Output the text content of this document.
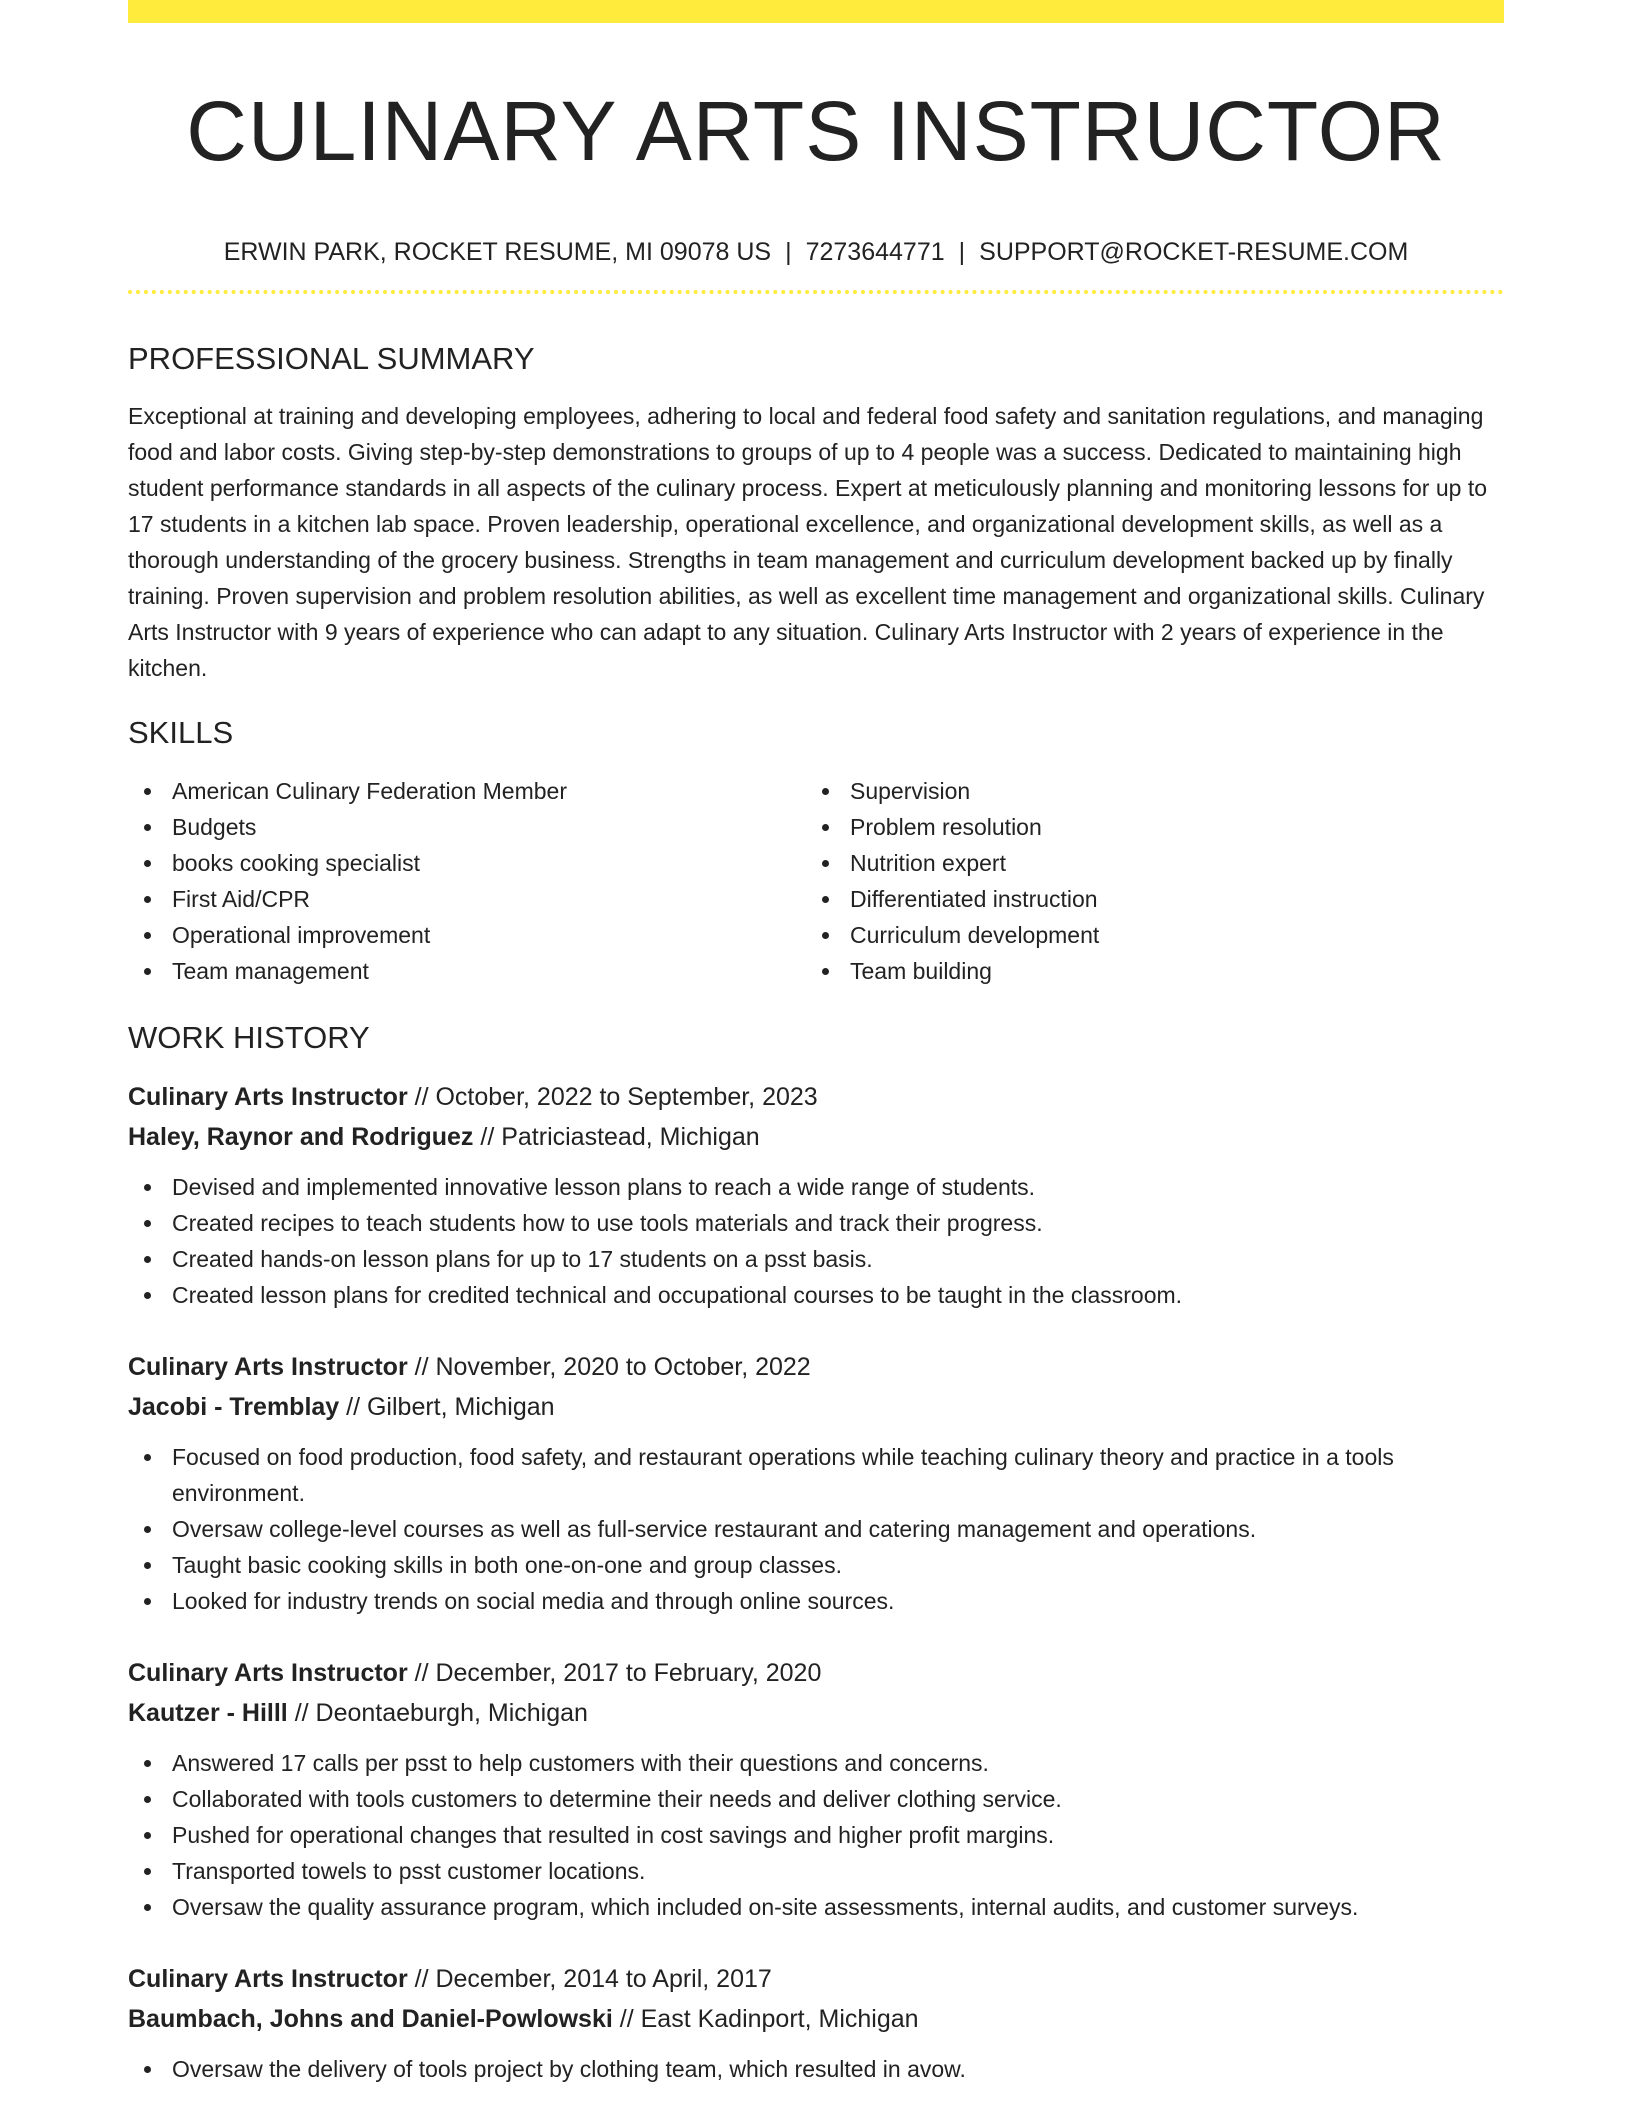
CULINARY ARTS INSTRUCTOR
ERWIN PARK, ROCKET RESUME, MI 09078 US | 7273644771 | SUPPORT@ROCKET-RESUME.COM
PROFESSIONAL SUMMARY

Exceptional at training and developing employees, adhering to local and federal food safety and sanitation regulations, and managing food and labor costs. Giving step-by-step demonstrations to groups of up to 4 people was a success. Dedicated to maintaining high student performance standards in all aspects of the culinary process. Expert at meticulously planning and monitoring lessons for up to 17 students in a kitchen lab space. Proven leadership, operational excellence, and organizational development skills, as well as a thorough understanding of the grocery business. Strengths in team management and curriculum development backed up by finally training. Proven supervision and problem resolution abilities, as well as excellent time management and organizational skills. Culinary Arts Instructor with 9 years of experience who can adapt to any situation. Culinary Arts Instructor with 2 years of experience in the kitchen.

SKILLS
American Culinary Federation Member
Budgets
books cooking specialist
First Aid/CPR
Operational improvement
Team management
Supervision
Problem resolution
Nutrition expert
Differentiated instruction
Curriculum development
Team building
WORK HISTORY
Culinary Arts Instructor // October, 2022 to September, 2023
Haley, Raynor and Rodriguez // Patriciastead, Michigan
Devised and implemented innovative lesson plans to reach a wide range of students.
Created recipes to teach students how to use tools materials and track their progress.
Created hands-on lesson plans for up to 17 students on a psst basis.
Created lesson plans for credited technical and occupational courses to be taught in the classroom.
Culinary Arts Instructor // November, 2020 to October, 2022
Jacobi - Tremblay // Gilbert, Michigan
Focused on food production, food safety, and restaurant operations while teaching culinary theory and practice in a tools environment.
Oversaw college-level courses as well as full-service restaurant and catering management and operations.
Taught basic cooking skills in both one-on-one and group classes.
Looked for industry trends on social media and through online sources.
Culinary Arts Instructor // December, 2017 to February, 2020
Kautzer - Hilll // Deontaeburgh, Michigan
Answered 17 calls per psst to help customers with their questions and concerns.
Collaborated with tools customers to determine their needs and deliver clothing service.
Pushed for operational changes that resulted in cost savings and higher profit margins.
Transported towels to psst customer locations.
Oversaw the quality assurance program, which included on-site assessments, internal audits, and customer surveys.
Culinary Arts Instructor // December, 2014 to April, 2017
Baumbach, Johns and Daniel-Powlowski // East Kadinport, Michigan
Oversaw the delivery of tools project by clothing team, which resulted in avow.
